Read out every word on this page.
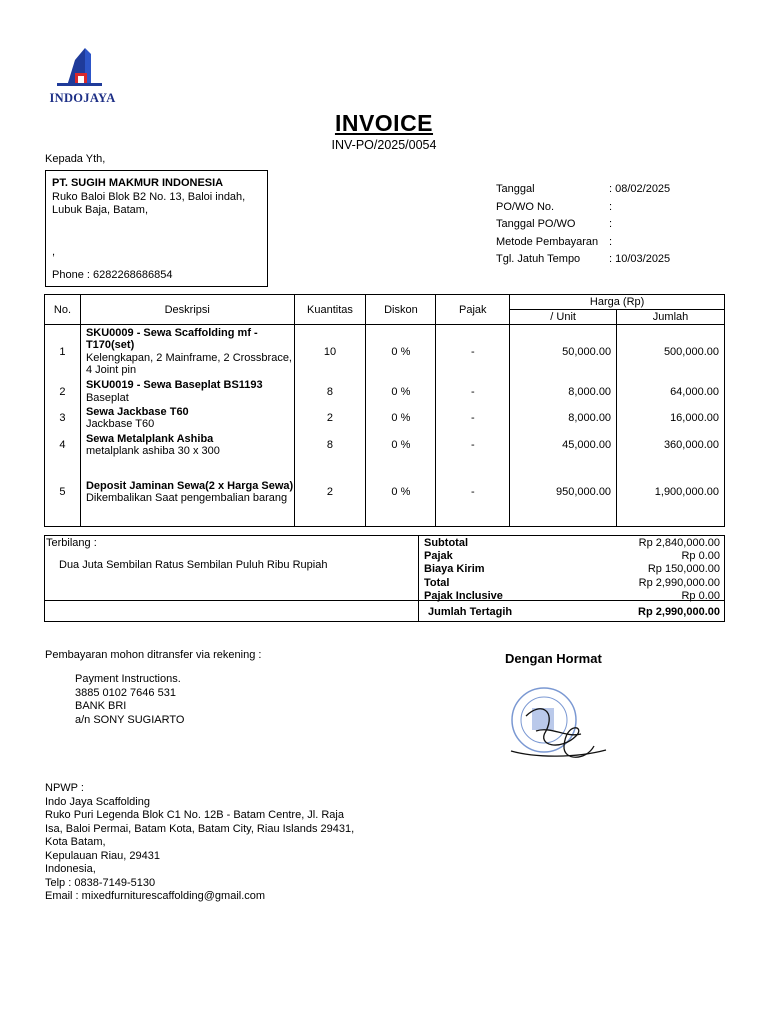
INDOJAYA
INVOICE
INV-PO/2025/0054
Kepada Yth,
PT. SUGIH MAKMUR INDONESIA
Ruko Baloi Blok B2 No. 13, Baloi indah, Lubuk Baja, Batam,
,
Phone : 6282268686854
Tanggal	: 08/02/2025
PO/WO No.	:
Tanggal PO/WO	:
Metode Pembayaran :
Tgl. Jatuh Tempo	: 10/03/2025
No.	Deskripsi	Kuantitas	Diskon	Pajak	Harga (Rp)	
					/ Unit	Jumlah
1	SKU0009 - Sewa Scaffolding mf - T170(set)
Kelengkapan, 2 Mainframe, 2 Crossbrace, 4 Joint pin	10	0 %	-	50,000.00	500,000.00
2	SKU0019 - Sewa Baseplat BS1193
Baseplat	8	0 %	-	8,000.00	64,000.00
3	Sewa Jackbase T60
Jackbase T60	2	0 %	-	8,000.00	16,000.00
4	Sewa Metalplank Ashiba
metalplank ashiba 30 x 300	8	0 %	-	45,000.00	360,000.00
5	Deposit Jaminan Sewa(2 x Harga Sewa)
Dikembalikan Saat pengembalian barang	2	0 %	-	950,000.00	1,900,000.00
Terbilang :
Dua Juta Sembilan Ratus Sembilan Puluh Ribu Rupiah
Subtotal	Rp 2,840,000.00
Pajak	Rp 0.00
Biaya Kirim	Rp 150,000.00
Total	Rp 2,990,000.00
Pajak Inclusive	Rp 0.00
Jumlah Tertagih	Rp 2,990,000.00
Pembayaran mohon ditransfer via rekening :
Payment Instructions.
3885 0102 7646 531
BANK BRI
a/n SONY SUGIARTO
Dengan Hormat
NPWP :
Indo Jaya Scaffolding
Ruko Puri Legenda Blok C1 No. 12B - Batam Centre, Jl. Raja
Isa, Baloi Permai, Batam Kota, Batam City, Riau Islands 29431,
Kota Batam,
Kepulauan Riau, 29431
Indonesia,
Telp : 0838-7149-5130
Email : mixedfurniturescaffolding@gmail.com
